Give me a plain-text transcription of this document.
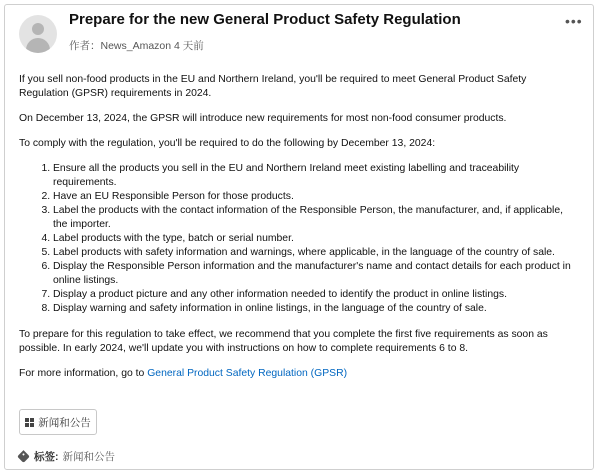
Prepare for the new General Product Safety Regulation
作者：News_Amazon 4 天前
•••

If you sell non-food products in the EU and Northern Ireland, you'll be required to meet General Product Safety Regulation (GPSR) requirements in 2024.

On December 13, 2024, the GPSR will introduce new requirements for most non-food consumer products.

To comply with the regulation, you'll be required to do the following by December 13, 2024:

1. Ensure all the products you sell in the EU and Northern Ireland meet existing labelling and traceability requirements.
2. Have an EU Responsible Person for those products.
3. Label the products with the contact information of the Responsible Person, the manufacturer, and, if applicable, the importer.
4. Label products with the type, batch or serial number.
5. Label products with safety information and warnings, where applicable, in the language of the country of sale.
6. Display the Responsible Person information and the manufacturer's name and contact details for each product in online listings.
7. Display a product picture and any other information needed to identify the product in online listings.
8. Display warning and safety information in online listings, in the language of the country of sale.

To prepare for this regulation to take effect, we recommend that you complete the first five requirements as soon as possible. In early 2024, we'll update you with instructions on how to complete requirements 6 to 8.

For more information, go to General Product Safety Regulation (GPSR)

新闻和公告
标签: 新闻和公告
